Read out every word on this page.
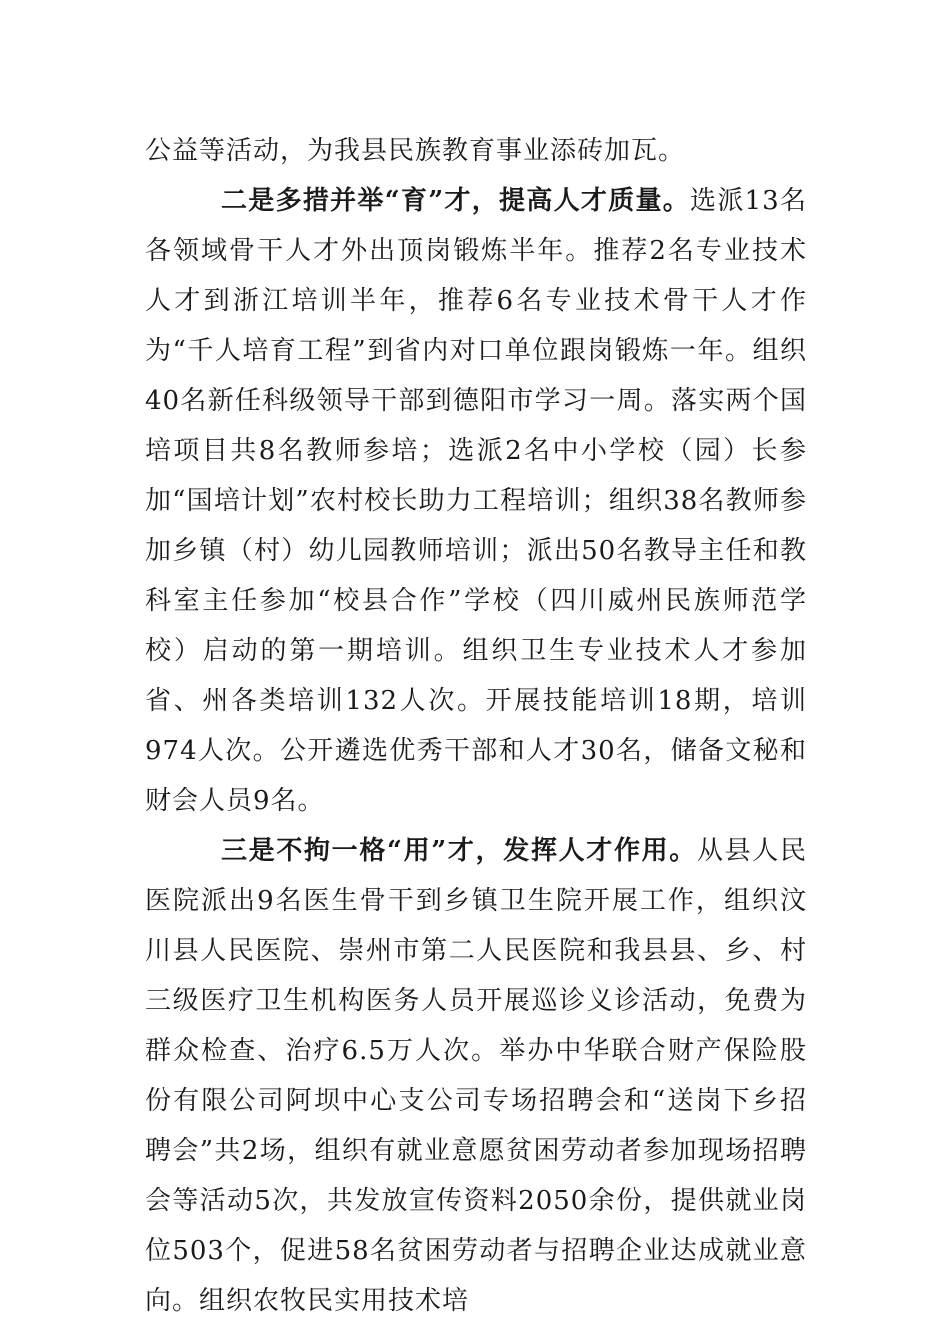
公益等活动，为我县民族教育事业添砖加瓦。

二是多措并举“育”才，提高人才质量。选派13名各领域骨干人才外出顶岗锻炼半年。推荐2名专业技术人才到浙江培训半年，推荐6名专业技术骨干人才作为“千人培育工程”到省内对口单位跟岗锻炼一年。组织40名新任科级领导干部到德阳市学习一周。落实两个国培项目共8名教师参培；选派2名中小学校（园）长参加“国培计划”农村校长助力工程培训；组织38名教师参加乡镇（村）幼儿园教师培训；派出50名教导主任和教科室主任参加“校县合作”学校（四川威州民族师范学校）启动的第一期培训。组织卫生专业技术人才参加省、州各类培训132人次。开展技能培训18期，培训974人次。公开遴选优秀干部和人才30名，储备文秘和财会人员9名。

三是不拘一格“用”才，发挥人才作用。从县人民医院派出9名医生骨干到乡镇卫生院开展工作，组织汶川县人民医院、崇州市第二人民医院和我县县、乡、村三级医疗卫生机构医务人员开展巡诊义诊活动，免费为群众检查、治疗6.5万人次。举办中华联合财产保险股份有限公司阿坝中心支公司专场招聘会和“送岗下乡招聘会”共2场，组织有就业意愿贫困劳动者参加现场招聘会等活动5次，共发放宣传资料2050余份，提供就业岗位503个，促进58名贫困劳动者与招聘企业达成就业意向。组织农牧民实用技术培
